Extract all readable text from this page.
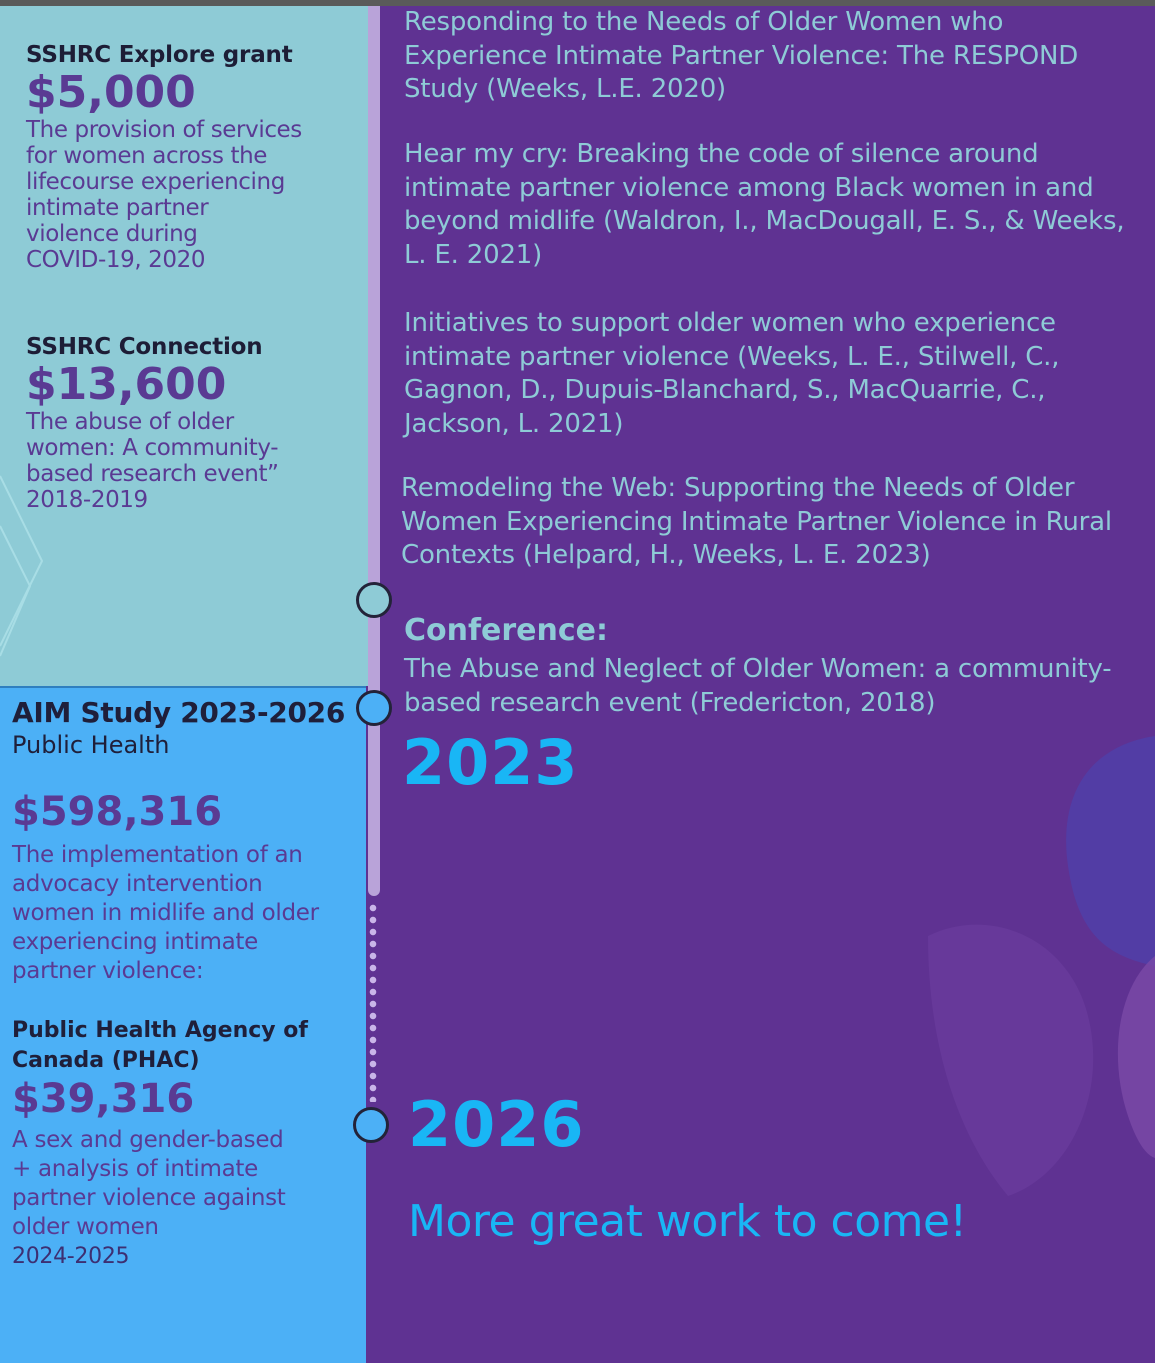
SSHRC Explore grant
$5,000
The provision of services
for women across the
lifecourse experiencing
intimate partner
violence during
COVID-19, 2020
SSHRC Connection
$13,600
The abuse of older
women: A community-
based research event”
2018-2019
AIM Study 2023-2026
Public Health
$598,316
The implementation of an
advocacy intervention
women in midlife and older
experiencing intimate
partner violence:
Public Health Agency of
Canada (PHAC)
$39,316
A sex and gender-based
+ analysis of intimate
partner violence against
older women
2024-2025
Responding to the Needs of Older Women who
Experience Intimate Partner Violence: The RESPOND
Study (Weeks, L.E. 2020)
Hear my cry: Breaking the code of silence around
intimate partner violence among Black women in and
beyond midlife (Waldron, I., MacDougall, E. S., & Weeks,
L. E. 2021)
Initiatives to support older women who experience
intimate partner violence (Weeks, L. E., Stilwell, C.,
Gagnon, D., Dupuis-Blanchard, S., MacQuarrie, C.,
Jackson, L. 2021)
Remodeling the Web: Supporting the Needs of Older
Women Experiencing Intimate Partner Violence in Rural
Contexts (Helpard, H., Weeks, L. E. 2023)
Conference:
The Abuse and Neglect of Older Women: a community-
based research event (Fredericton, 2018)
2023
2026
More great work to come!
